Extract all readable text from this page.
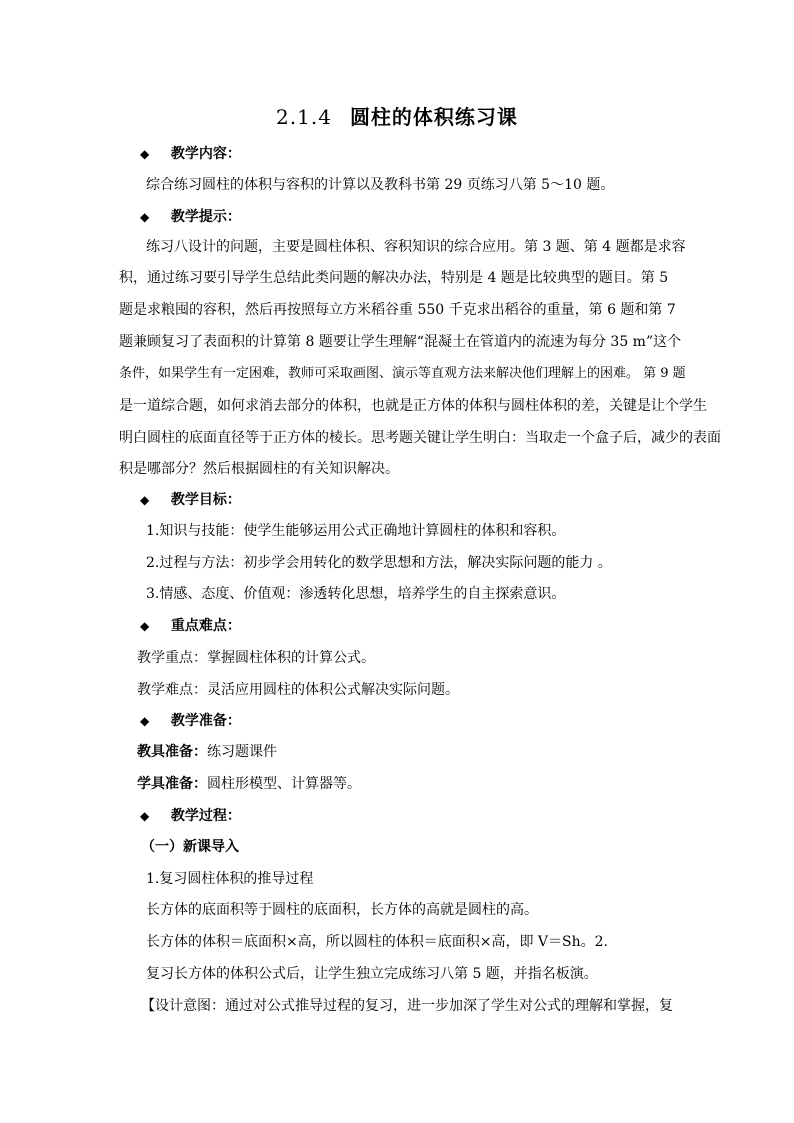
2.1.4 圆柱的体积练习课
◆ 教学内容：
综合练习圆柱的体积与容积的计算以及教科书第 29 页练习八第 5～10 题。
◆ 教学提示：
练习八设计的问题，主要是圆柱体积、容积知识的综合应用。第 3 题、第 4 题都是求容
积，通过练习要引导学生总结此类问题的解决办法，特别是 4 题是比较典型的题目。第 5
题是求粮囤的容积，然后再按照每立方米稻谷重 550 千克求出稻谷的重量，第 6 题和第 7
题兼顾复习了表面积的计算第 8 题要让学生理解“混凝土在管道内的流速为每分 35 m”这个
条件，如果学生有一定困难，教师可采取画图、演示等直观方法来解决他们理解上的困难。 第 9 题
是一道综合题，如何求消去部分的体积，也就是正方体的体积与圆柱体积的差，关键是让个学生
明白圆柱的底面直径等于正方体的棱长。思考题关键让学生明白：当取走一个盒子后，减少的表面
积是哪部分？然后根据圆柱的有关知识解决。
◆ 教学目标：
1.知识与技能：使学生能够运用公式正确地计算圆柱的体积和容积。
2.过程与方法：初步学会用转化的数学思想和方法，解决实际问题的能力 。
3.情感、态度、价值观：渗透转化思想，培养学生的自主探索意识。
◆ 重点难点：
教学重点：掌握圆柱体积的计算公式。
教学难点：灵活应用圆柱的体积公式解决实际问题。
◆ 教学准备：
教具准备：练习题课件
学具准备：圆柱形模型、计算器等。
◆ 教学过程：
（一）新课导入
1.复习圆柱体积的推导过程
长方体的底面积等于圆柱的底面积，长方体的高就是圆柱的高。
长方体的体积＝底面积×高，所以圆柱的体积＝底面积×高，即 V＝Sh。2.
复习长方体的体积公式后，让学生独立完成练习八第 5 题，并指名板演。
【设计意图：通过对公式推导过程的复习，进一步加深了学生对公式的理解和掌握，复
